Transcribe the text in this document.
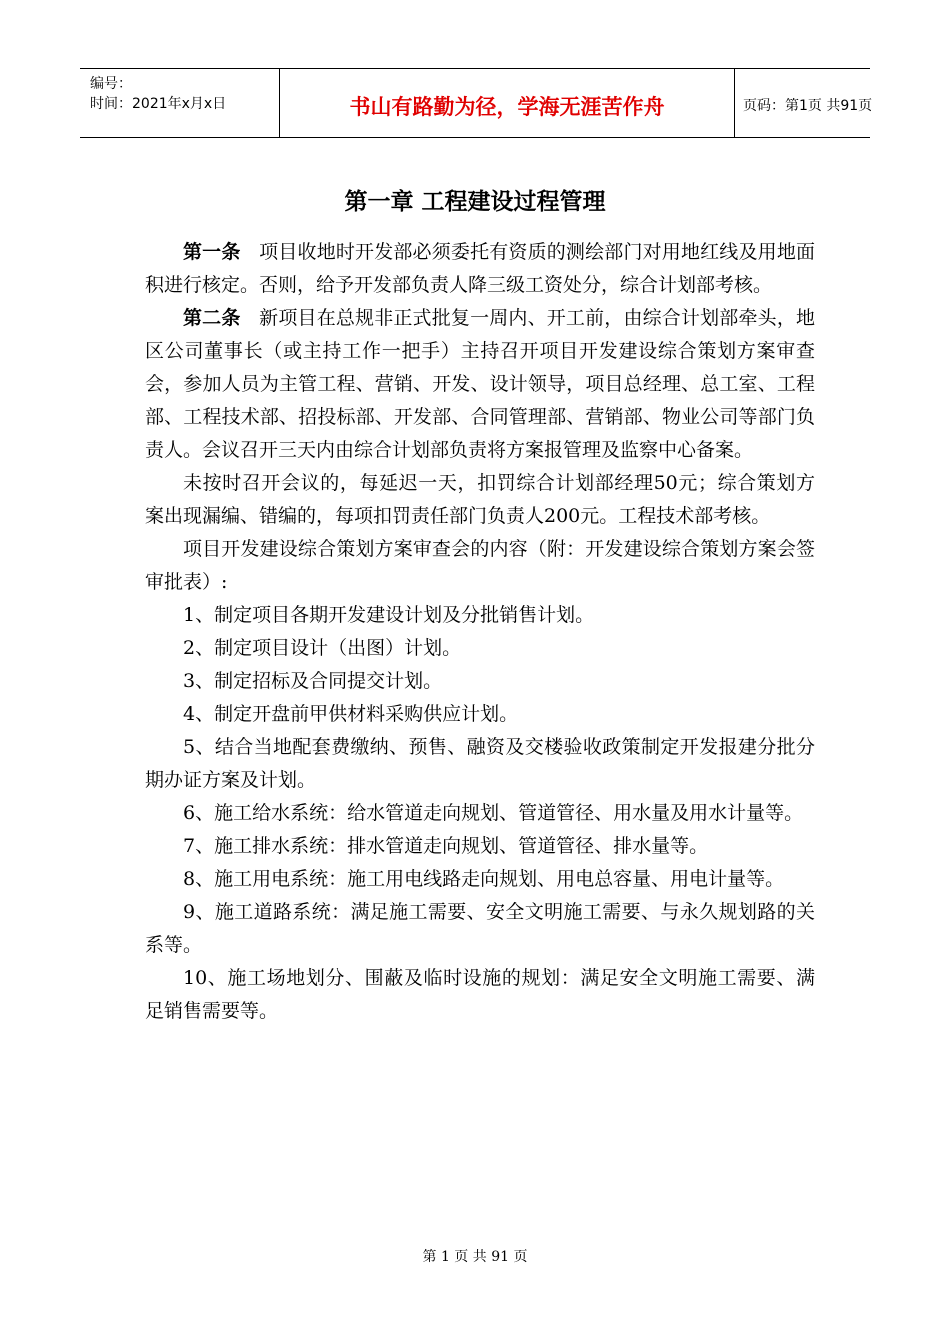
编号：
时间：2021年x月x日	书山有路勤为径，学海无涯苦作舟	页码：第1页 共91页
第一章 工程建设过程管理

第一条 项目收地时开发部必须委托有资质的测绘部门对用地红线及用地面积进行核定。否则，给予开发部负责人降三级工资处分，综合计划部考核。

第二条 新项目在总规非正式批复一周内、开工前，由综合计划部牵头，地区公司董事长（或主持工作一把手）主持召开项目开发建设综合策划方案审查会，参加人员为主管工程、营销、开发、设计领导，项目总经理、总工室、工程部、工程技术部、招投标部、开发部、合同管理部、营销部、物业公司等部门负责人。会议召开三天内由综合计划部负责将方案报管理及监察中心备案。

未按时召开会议的，每延迟一天，扣罚综合计划部经理50元；综合策划方案出现漏编、错编的，每项扣罚责任部门负责人200元。工程技术部考核。

项目开发建设综合策划方案审查会的内容（附：开发建设综合策划方案会签审批表）:

1、制定项目各期开发建设计划及分批销售计划。

2、制定项目设计（出图）计划。

3、制定招标及合同提交计划。

4、制定开盘前甲供材料采购供应计划。

5、结合当地配套费缴纳、预售、融资及交楼验收政策制定开发报建分批分期办证方案及计划。

6、施工给水系统：给水管道走向规划、管道管径、用水量及用水计量等。

7、施工排水系统：排水管道走向规划、管道管径、排水量等。

8、施工用电系统：施工用电线路走向规划、用电总容量、用电计量等。

9、施工道路系统：满足施工需要、安全文明施工需要、与永久规划路的关系等。

10、施工场地划分、围蔽及临时设施的规划：满足安全文明施工需要、满足销售需要等。

第 1 页 共 91 页
